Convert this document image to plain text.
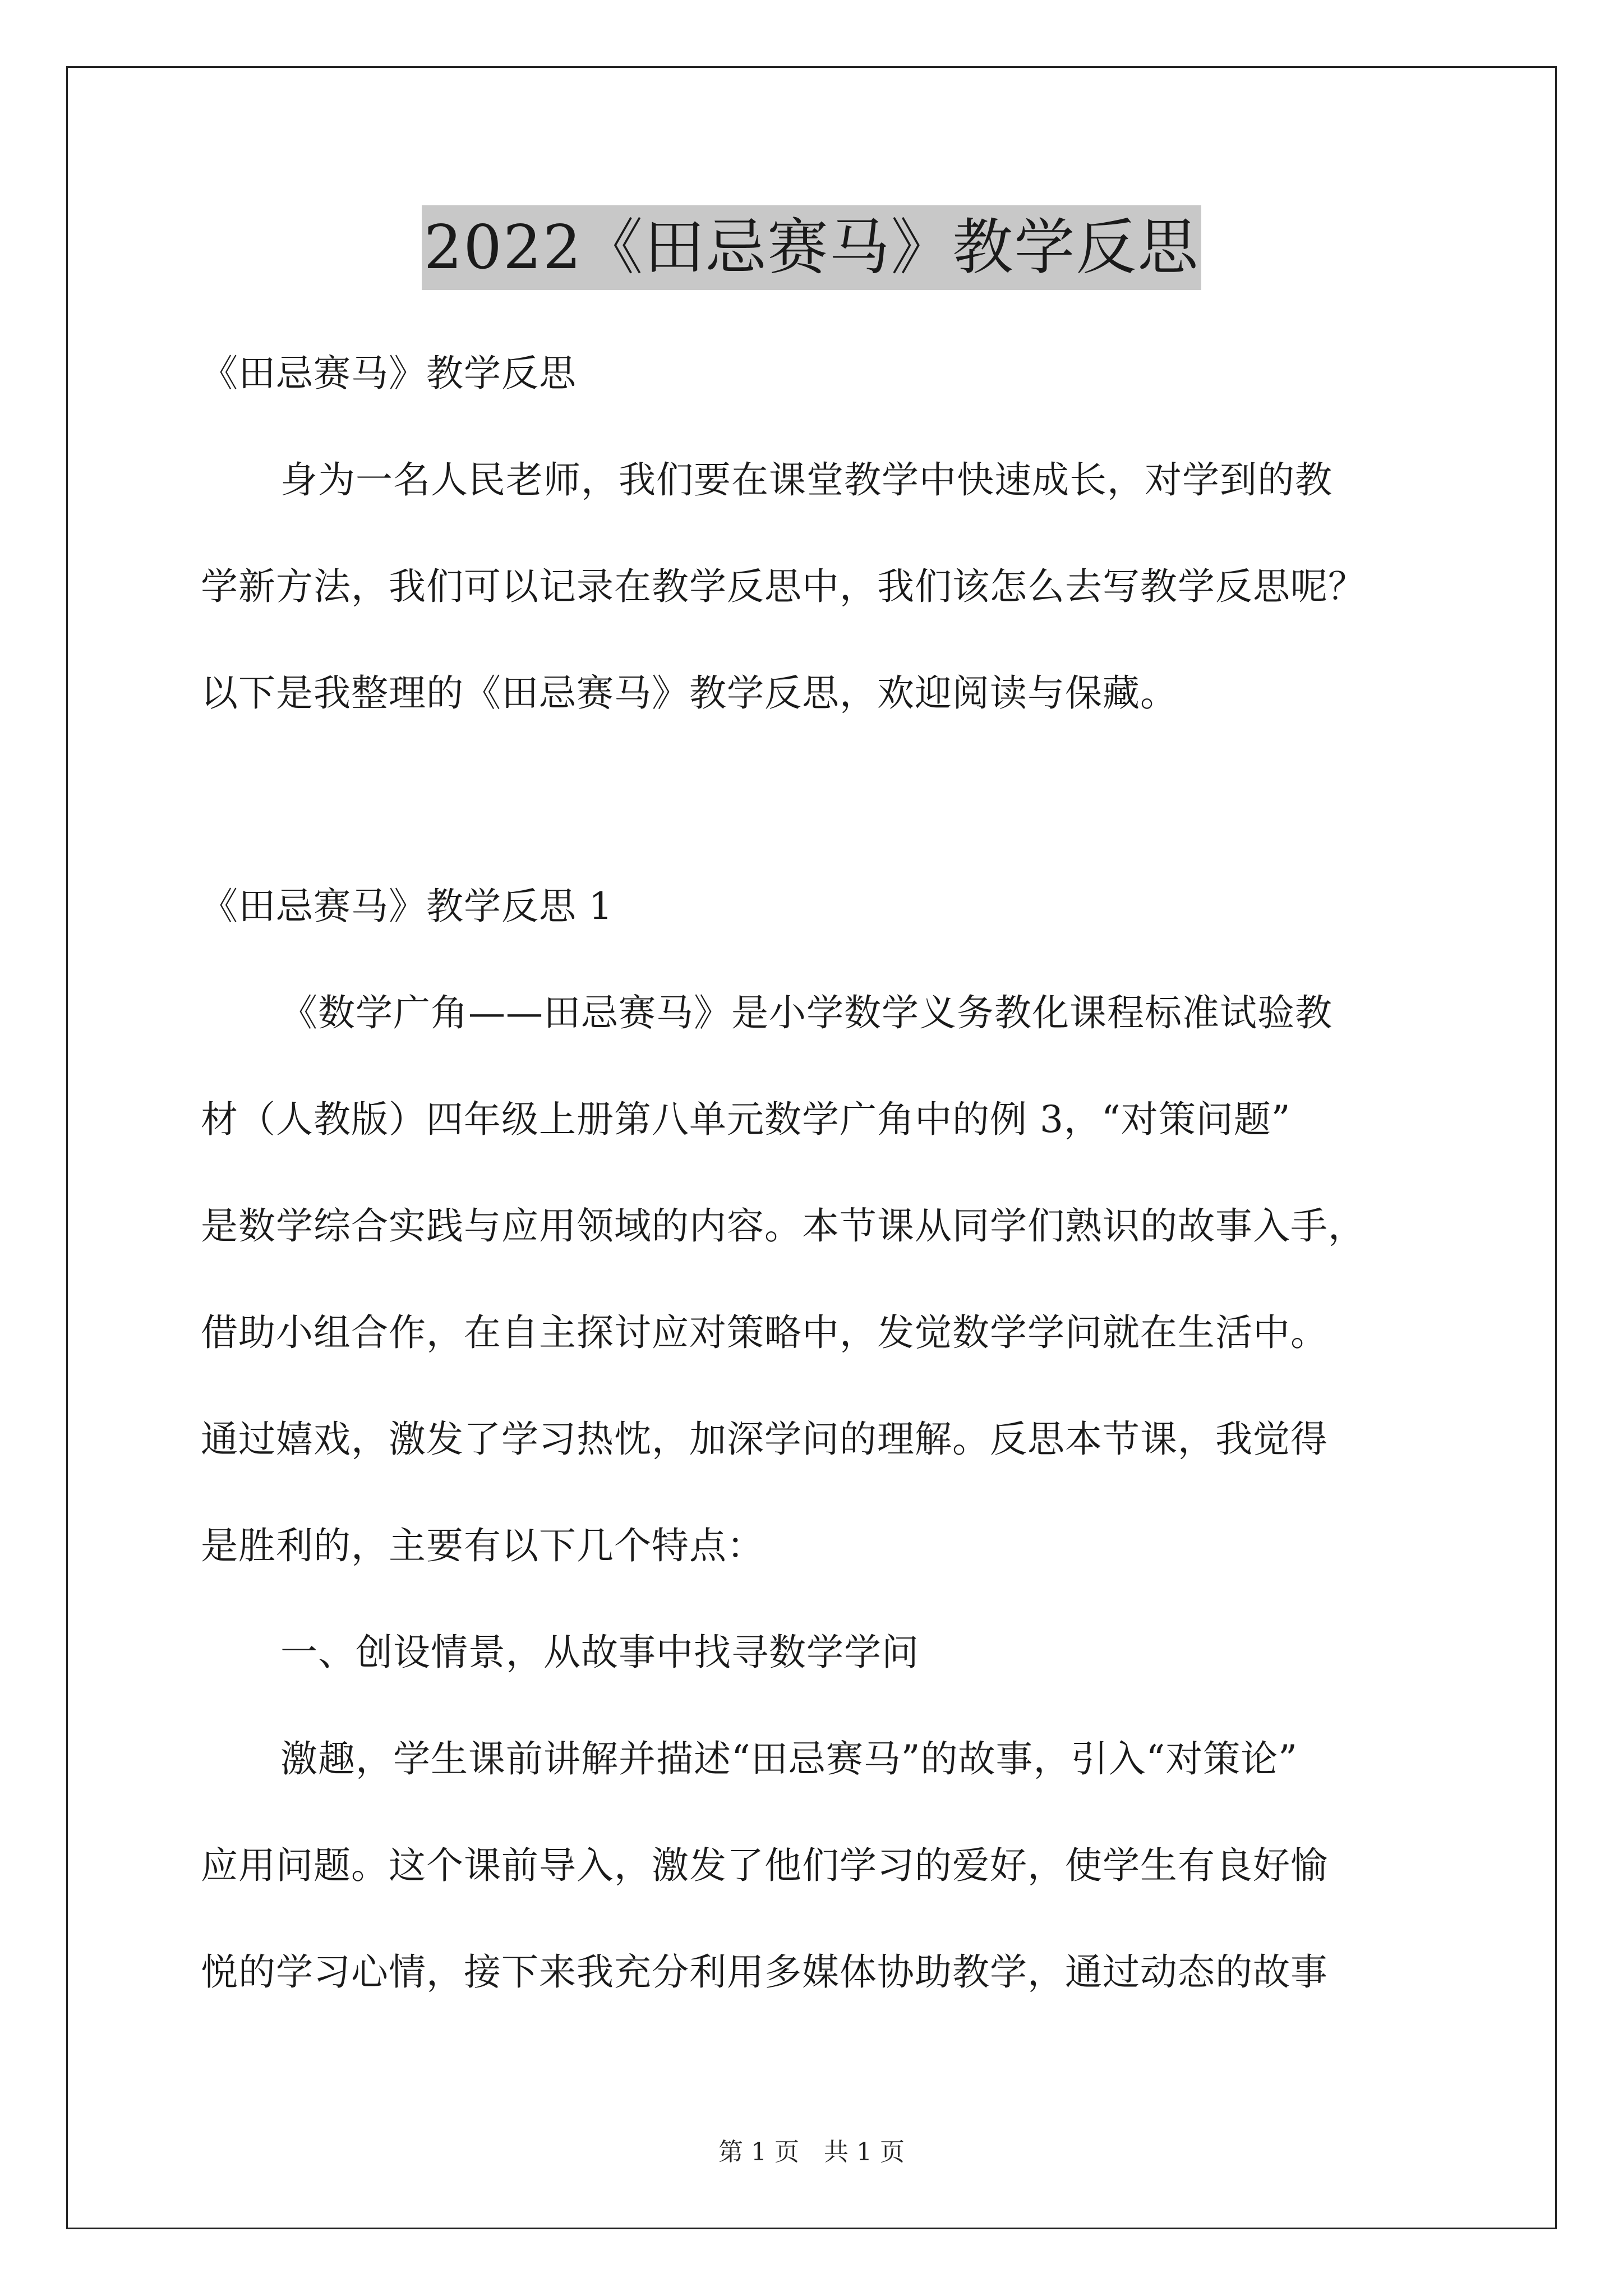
2022《田忌赛马》教学反思
《田忌赛马》教学反思
身为一名人民老师，我们要在课堂教学中快速成长，对学到的教
学新方法，我们可以记录在教学反思中，我们该怎么去写教学反思呢？
以下是我整理的《田忌赛马》教学反思，欢迎阅读与保藏。
《田忌赛马》教学反思 1
《数学广角——田忌赛马》是小学数学义务教化课程标准试验教
材（人教版）四年级上册第八单元数学广角中的例 3，“对策问题”
是数学综合实践与应用领域的内容。本节课从同学们熟识的故事入手，
借助小组合作，在自主探讨应对策略中，发觉数学学问就在生活中。
通过嬉戏，激发了学习热忱，加深学问的理解。反思本节课，我觉得
是胜利的，主要有以下几个特点：
一、创设情景，从故事中找寻数学学问
激趣，学生课前讲解并描述“田忌赛马”的故事，引入“对策论”
应用问题。这个课前导入，激发了他们学习的爱好，使学生有良好愉
悦的学习心情，接下来我充分利用多媒体协助教学，通过动态的故事
第 1 页　共 1 页
